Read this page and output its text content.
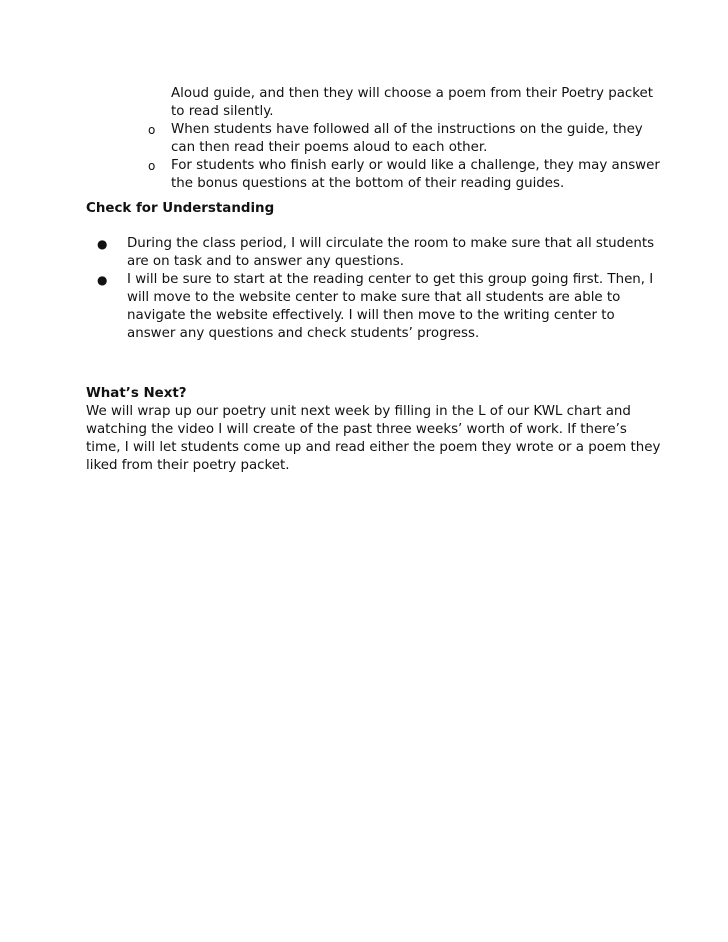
Aloud guide, and then they will choose a poem from their Poetry packet
to read silently.
o When students have followed all of the instructions on the guide, they
can then read their poems aloud to each other.
o For students who finish early or would like a challenge, they may answer
the bonus questions at the bottom of their reading guides.
Check for Understanding
● During the class period, I will circulate the room to make sure that all students
are on task and to answer any questions.
● I will be sure to start at the reading center to get this group going first. Then, I
will move to the website center to make sure that all students are able to
navigate the website effectively. I will then move to the writing center to
answer any questions and check students’ progress.
What’s Next?
We will wrap up our poetry unit next week by filling in the L of our KWL chart and
watching the video I will create of the past three weeks’ worth of work. If there’s
time, I will let students come up and read either the poem they wrote or a poem they
liked from their poetry packet.
